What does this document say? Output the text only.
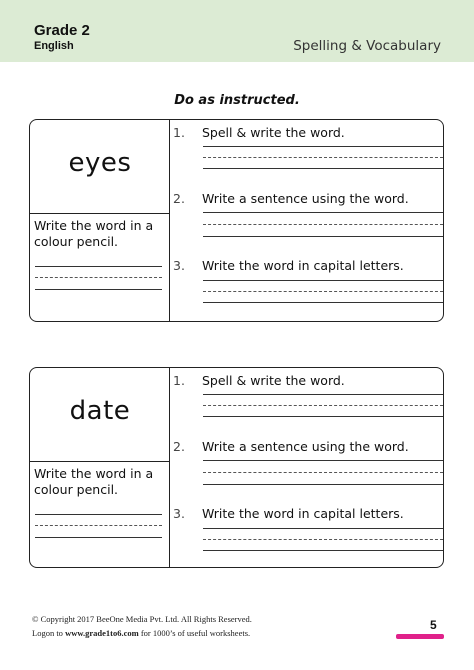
Grade 2
English	Spelling & Vocabulary
Do as instructed.
eyes
Write the word in a colour pencil.
1. Spell & write the word.
2. Write a sentence using the word.
3. Write the word in capital letters.
date
Write the word in a colour pencil.
1. Spell & write the word.
2. Write a sentence using the word.
3. Write the word in capital letters.
© Copyright 2017 BeeOne Media Pvt. Ltd. All Rights Reserved.
Logon to www.grade1to6.com for 1000’s of useful worksheets.
5
